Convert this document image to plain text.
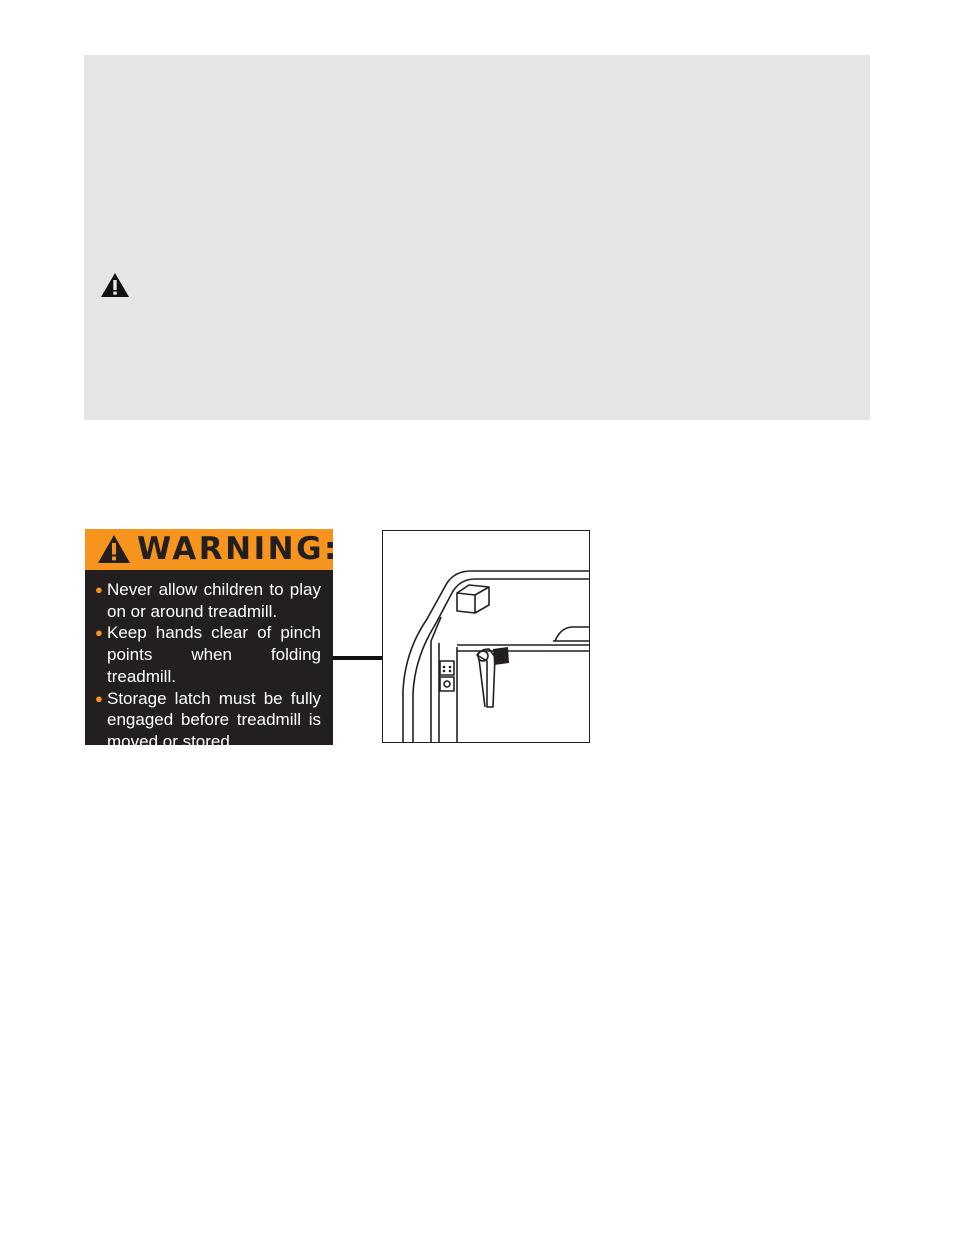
WARNING:
● Never allow children to play on or around treadmill.
● Keep hands clear of pinch points when folding treadmill.
● Storage latch must be fully engaged before treadmill is moved or stored.
